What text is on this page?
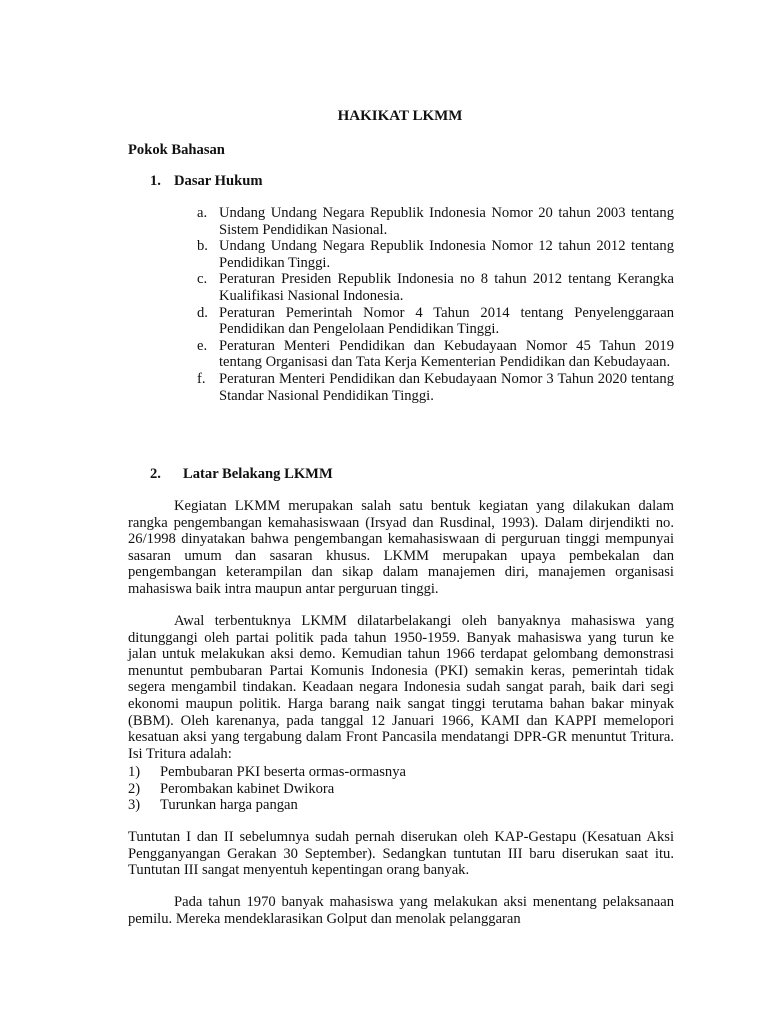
HAKIKAT LKMM
Pokok Bahasan
1. Dasar Hukum
a. Undang Undang Negara Republik Indonesia Nomor 20 tahun 2003 tentang Sistem Pendidikan Nasional.
b. Undang Undang Negara Republik Indonesia Nomor 12 tahun 2012 tentang Pendidikan Tinggi.
c. Peraturan Presiden Republik Indonesia no 8 tahun 2012 tentang Kerangka Kualifikasi Nasional Indonesia.
d. Peraturan Pemerintah Nomor 4 Tahun 2014 tentang Penyelenggaraan Pendidikan dan Pengelolaan Pendidikan Tinggi.
e. Peraturan Menteri Pendidikan dan Kebudayaan Nomor 45 Tahun 2019 tentang Organisasi dan Tata Kerja Kementerian Pendidikan dan Kebudayaan.
f. Peraturan Menteri Pendidikan dan Kebudayaan Nomor 3 Tahun 2020 tentang Standar Nasional Pendidikan Tinggi.
2. Latar Belakang LKMM
Kegiatan LKMM merupakan salah satu bentuk kegiatan yang dilakukan dalam rangka pengembangan kemahasiswaan (Irsyad dan Rusdinal, 1993). Dalam dirjendikti no. 26/1998 dinyatakan bahwa pengembangan kemahasiswaan di perguruan tinggi mempunyai sasaran umum dan sasaran khusus. LKMM merupakan upaya pembekalan dan pengembangan keterampilan dan sikap dalam manajemen diri, manajemen organisasi mahasiswa baik intra maupun antar perguruan tinggi.
Awal terbentuknya LKMM dilatarbelakangi oleh banyaknya mahasiswa yang ditunggangi oleh partai politik pada tahun 1950-1959. Banyak mahasiswa yang turun ke jalan untuk melakukan aksi demo. Kemudian tahun 1966 terdapat gelombang demonstrasi menuntut pembubaran Partai Komunis Indonesia (PKI) semakin keras, pemerintah tidak segera mengambil tindakan. Keadaan negara Indonesia sudah sangat parah, baik dari segi ekonomi maupun politik. Harga barang naik sangat tinggi terutama bahan bakar minyak (BBM). Oleh karenanya, pada tanggal 12 Januari 1966, KAMI dan KAPPI memelopori kesatuan aksi yang tergabung dalam Front Pancasila mendatangi DPR-GR menuntut Tritura. Isi Tritura adalah:
1) Pembubaran PKI beserta ormas-ormasnya
2) Perombakan kabinet Dwikora
3) Turunkan harga pangan
Tuntutan I dan II sebelumnya sudah pernah diserukan oleh KAP-Gestapu (Kesatuan Aksi Pengganyangan Gerakan 30 September). Sedangkan tuntutan III baru diserukan saat itu. Tuntutan III sangat menyentuh kepentingan orang banyak.
Pada tahun 1970 banyak mahasiswa yang melakukan aksi menentang pelaksanaan pemilu. Mereka mendeklarasikan Golput dan menolak pelanggaran
